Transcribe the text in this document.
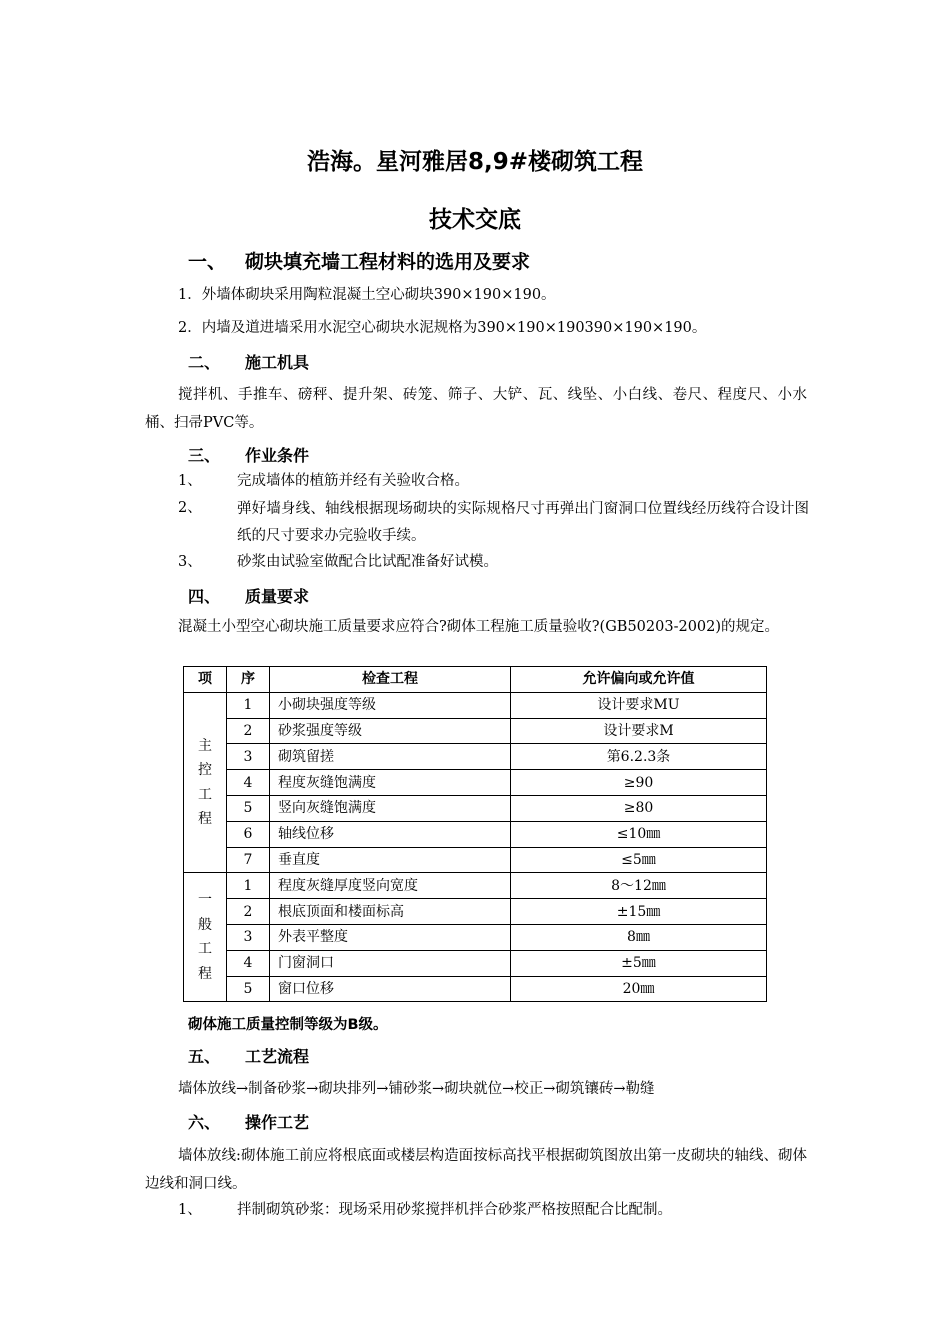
浩海。星河雅居8,9#楼砌筑工程
技术交底
一、 砌块填充墙工程材料的选用及要求
1．外墙体砌块采用陶粒混凝土空心砌块390×190×190。
2．内墙及道进墙采用水泥空心砌块水泥规格为390×190×190390×190×190。
二、 施工机具
搅拌机、手推车、磅秤、提升架、砖笼、筛子、大铲、瓦、线坠、小白线、卷尺、程度尺、小水桶、扫帚PVC等。
三、 作业条件
1、 完成墙体的植筋并经有关验收合格。
2、 弹好墙身线、轴线根据现场砌块的实际规格尺寸再弹出门窗洞口位置线经历线符合设计图纸的尺寸要求办完验收手续。
3、 砂浆由试验室做配合比试配准备好试模。
四、 质量要求
混凝土小型空心砌块施工质量要求应符合?砌体工程施工质量验收?(GB50203-2002)的规定。
项	序	检查工程	允许偏向或允许值

主控工程	1	小砌块强度等级	设计要求MU
	2	砂浆强度等级	设计要求M
	3	砌筑留搓	第6.2.3条
	4	程度灰缝饱满度	≥90
	5	竖向灰缝饱满度	≥80
	6	轴线位移	≤10㎜
	7	垂直度	≤5㎜

一般工程	1	程度灰缝厚度竖向宽度	8～12㎜
	2	根底顶面和楼面标高	±15㎜
	3	外表平整度	8㎜
	4	门窗洞口	±5㎜
	5	窗口位移	20㎜
砌体施工质量控制等级为B级。
五、 工艺流程
墙体放线→制备砂浆→砌块排列→铺砂浆→砌块就位→校正→砌筑镶砖→勒缝
六、 操作工艺
墙体放线:砌体施工前应将根底面或楼层构造面按标高找平根据砌筑图放出第一皮砌块的轴线、砌体边线和洞口线。
1、 拌制砌筑砂浆：现场采用砂浆搅拌机拌合砂浆严格按照配合比配制。
